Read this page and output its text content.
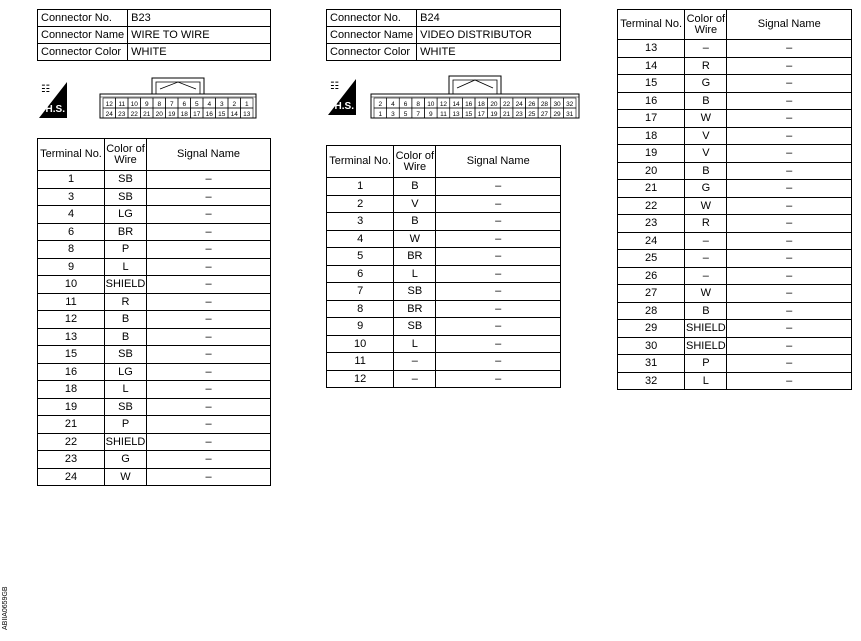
Connector No.	B23
Connector Name	WIRE TO WIRE
Connector Color	WHITE
☷
H.S.	12 11 10 9 8 7 6 5 4 3 2 1
24 23 22 21 20 19 18 17 16 15 14 13
Terminal No.	Color of Wire	Signal Name
1	SB	–
3	SB	–
4	LG	–
6	BR	–
8	P	–
9	L	–
10	SHIELD	–
11	R	–
12	B	–
13	B	–
15	SB	–
16	LG	–
18	L	–
19	SB	–
21	P	–
22	SHIELD	–
23	G	–
24	W	–
Connector No.	B24
Connector Name	VIDEO DISTRIBUTOR
Connector Color	WHITE
☷
H.S.	2 4 6 8 10 12 14 16 18 20 22 24 26 28 30 32
1 3 5 7 9 11 13 15 17 19 21 23 25 27 29 31
Terminal No.	Color of Wire	Signal Name
1	B	–
2	V	–
3	B	–
4	W	–
5	BR	–
6	L	–
7	SB	–
8	BR	–
9	SB	–
10	L	–
11	–	–
12	–	–
Terminal No.	Color of Wire	Signal Name
13	–	–
14	R	–
15	G	–
16	B	–
17	W	–
18	V	–
19	V	–
20	B	–
21	G	–
22	W	–
23	R	–
24	–	–
25	–	–
26	–	–
27	W	–
28	B	–
29	SHIELD	–
30	SHIELD	–
31	P	–
32	L	–
ABIIA0659GB
